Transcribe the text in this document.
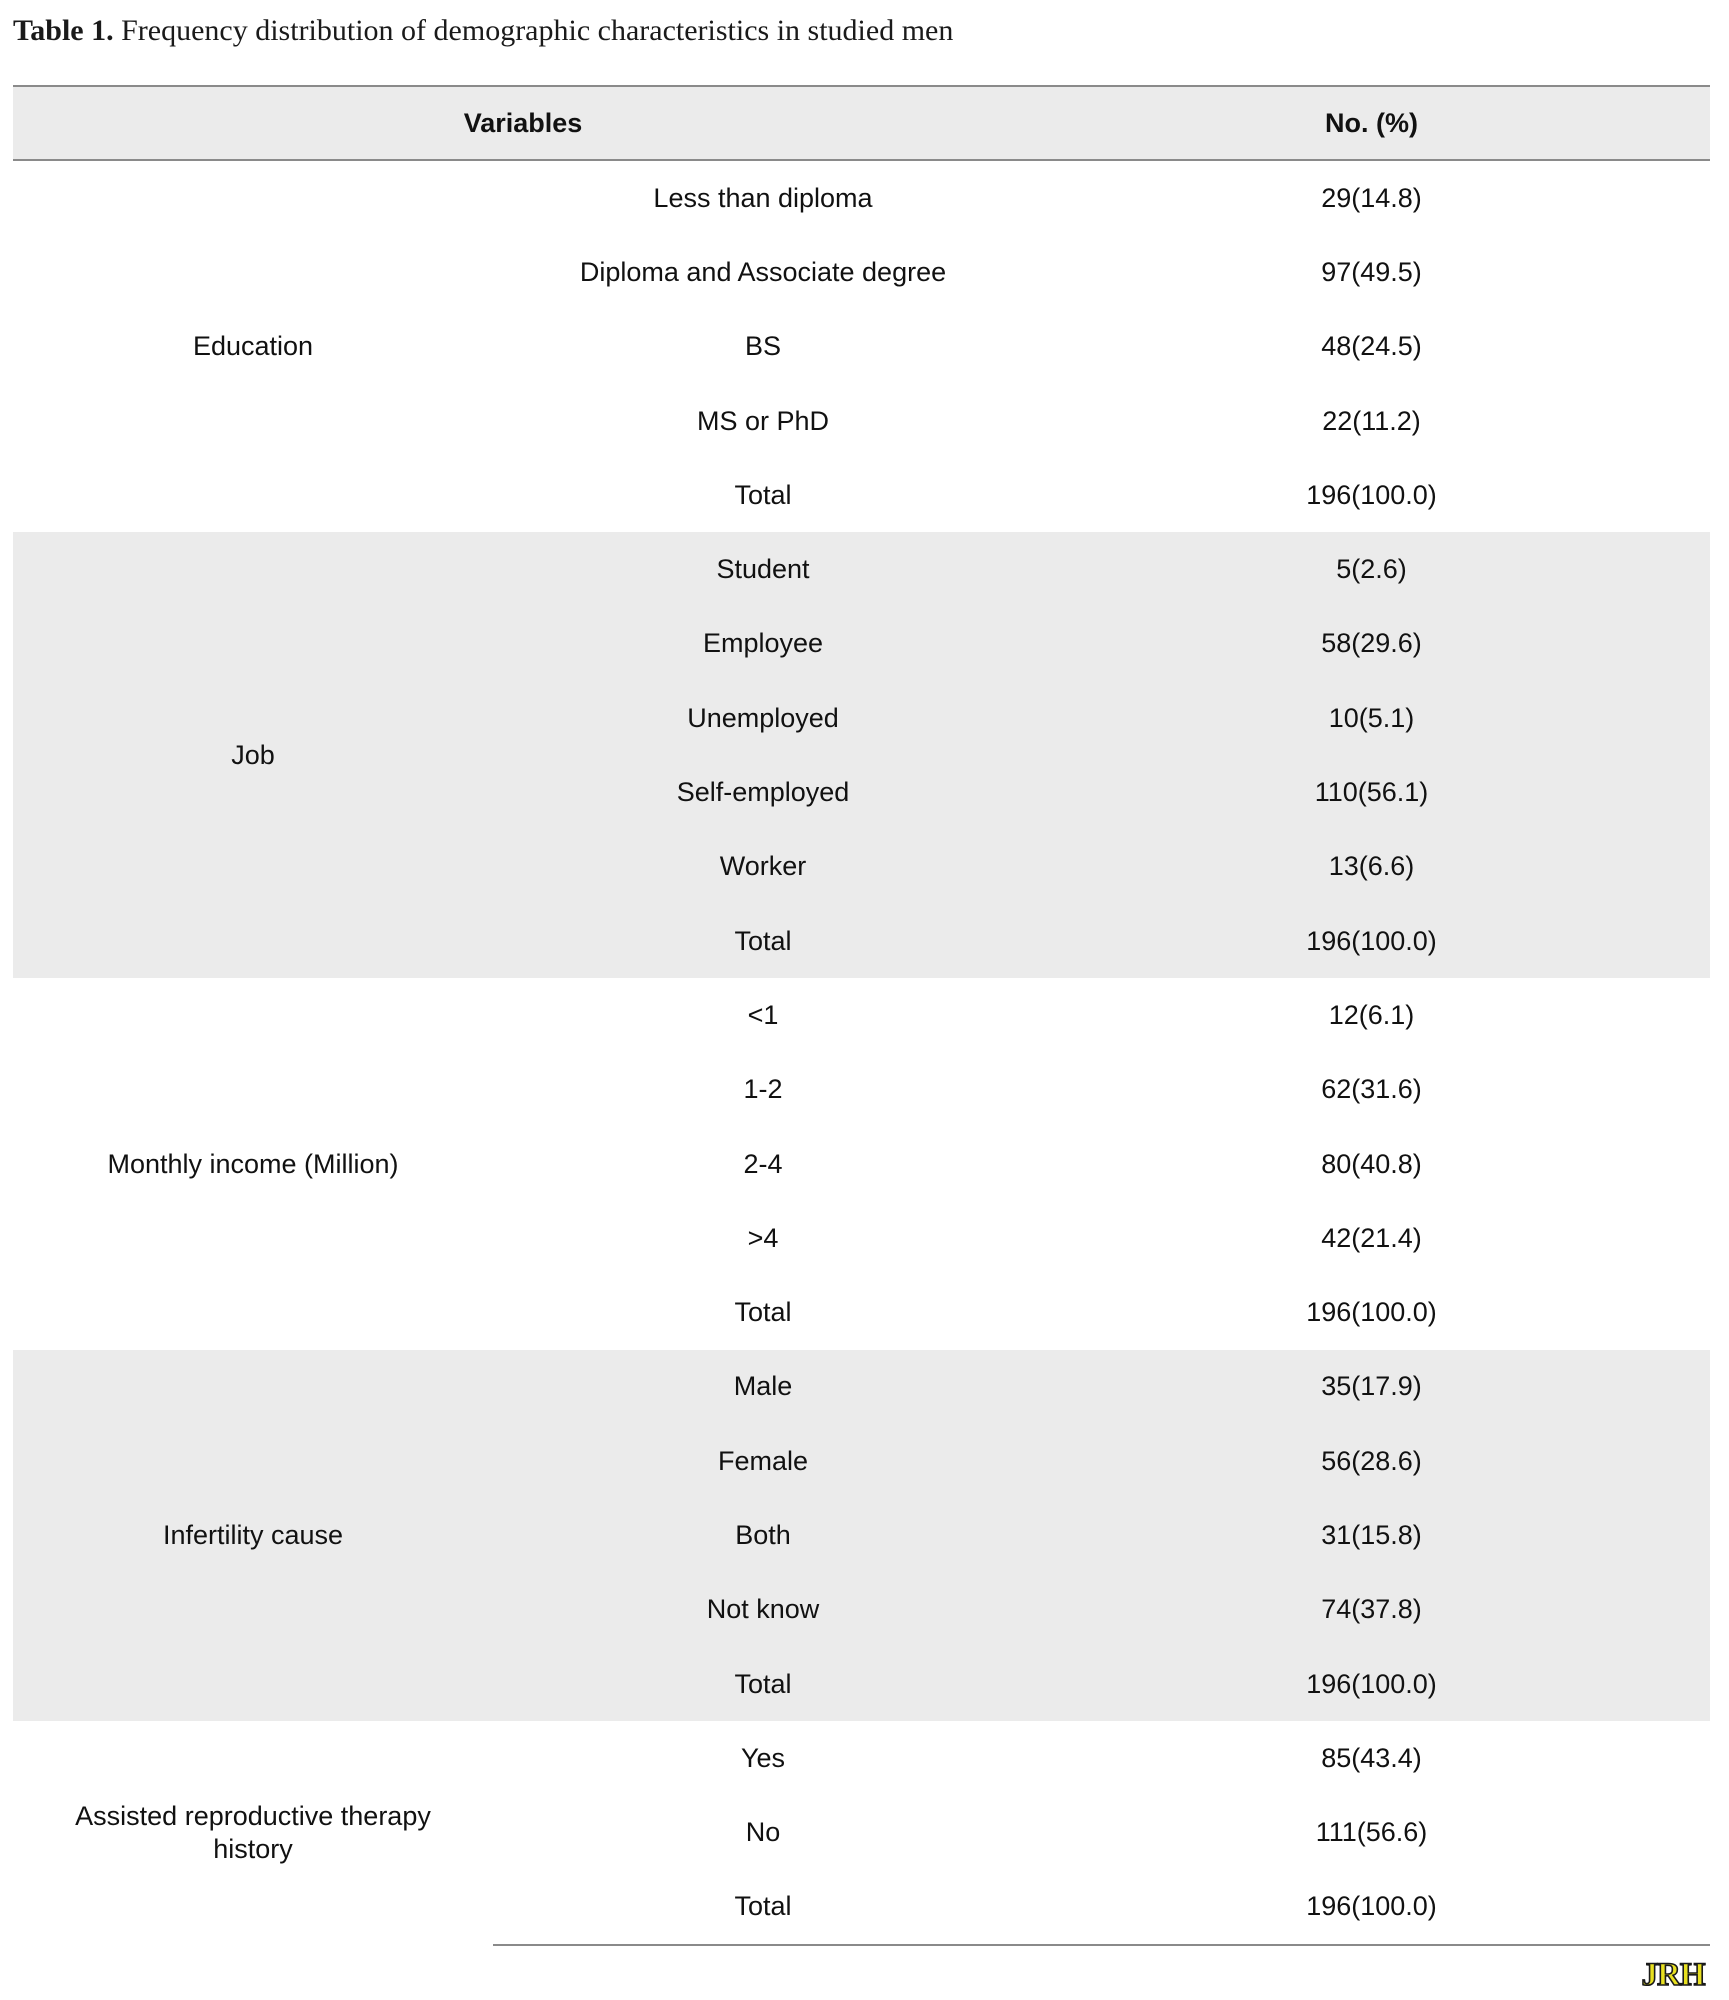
Table 1. Frequency distribution of demographic characteristics in studied men
Variables		No. (%)
Education	Less than diploma	29(14.8)
	Diploma and Associate degree	97(49.5)
	BS	48(24.5)
	MS or PhD	22(11.2)
	Total	196(100.0)
Job	Student	5(2.6)
	Employee	58(29.6)
	Unemployed	10(5.1)
	Self-employed	110(56.1)
	Worker	13(6.6)
	Total	196(100.0)
Monthly income (Million)	<1	12(6.1)
	1-2	62(31.6)
	2-4	80(40.8)
	>4	42(21.4)
	Total	196(100.0)
Infertility cause	Male	35(17.9)
	Female	56(28.6)
	Both	31(15.8)
	Not know	74(37.8)
	Total	196(100.0)
Assisted reproductive therapy history	Yes	85(43.4)
	No	111(56.6)
	Total	196(100.0)
JRH
